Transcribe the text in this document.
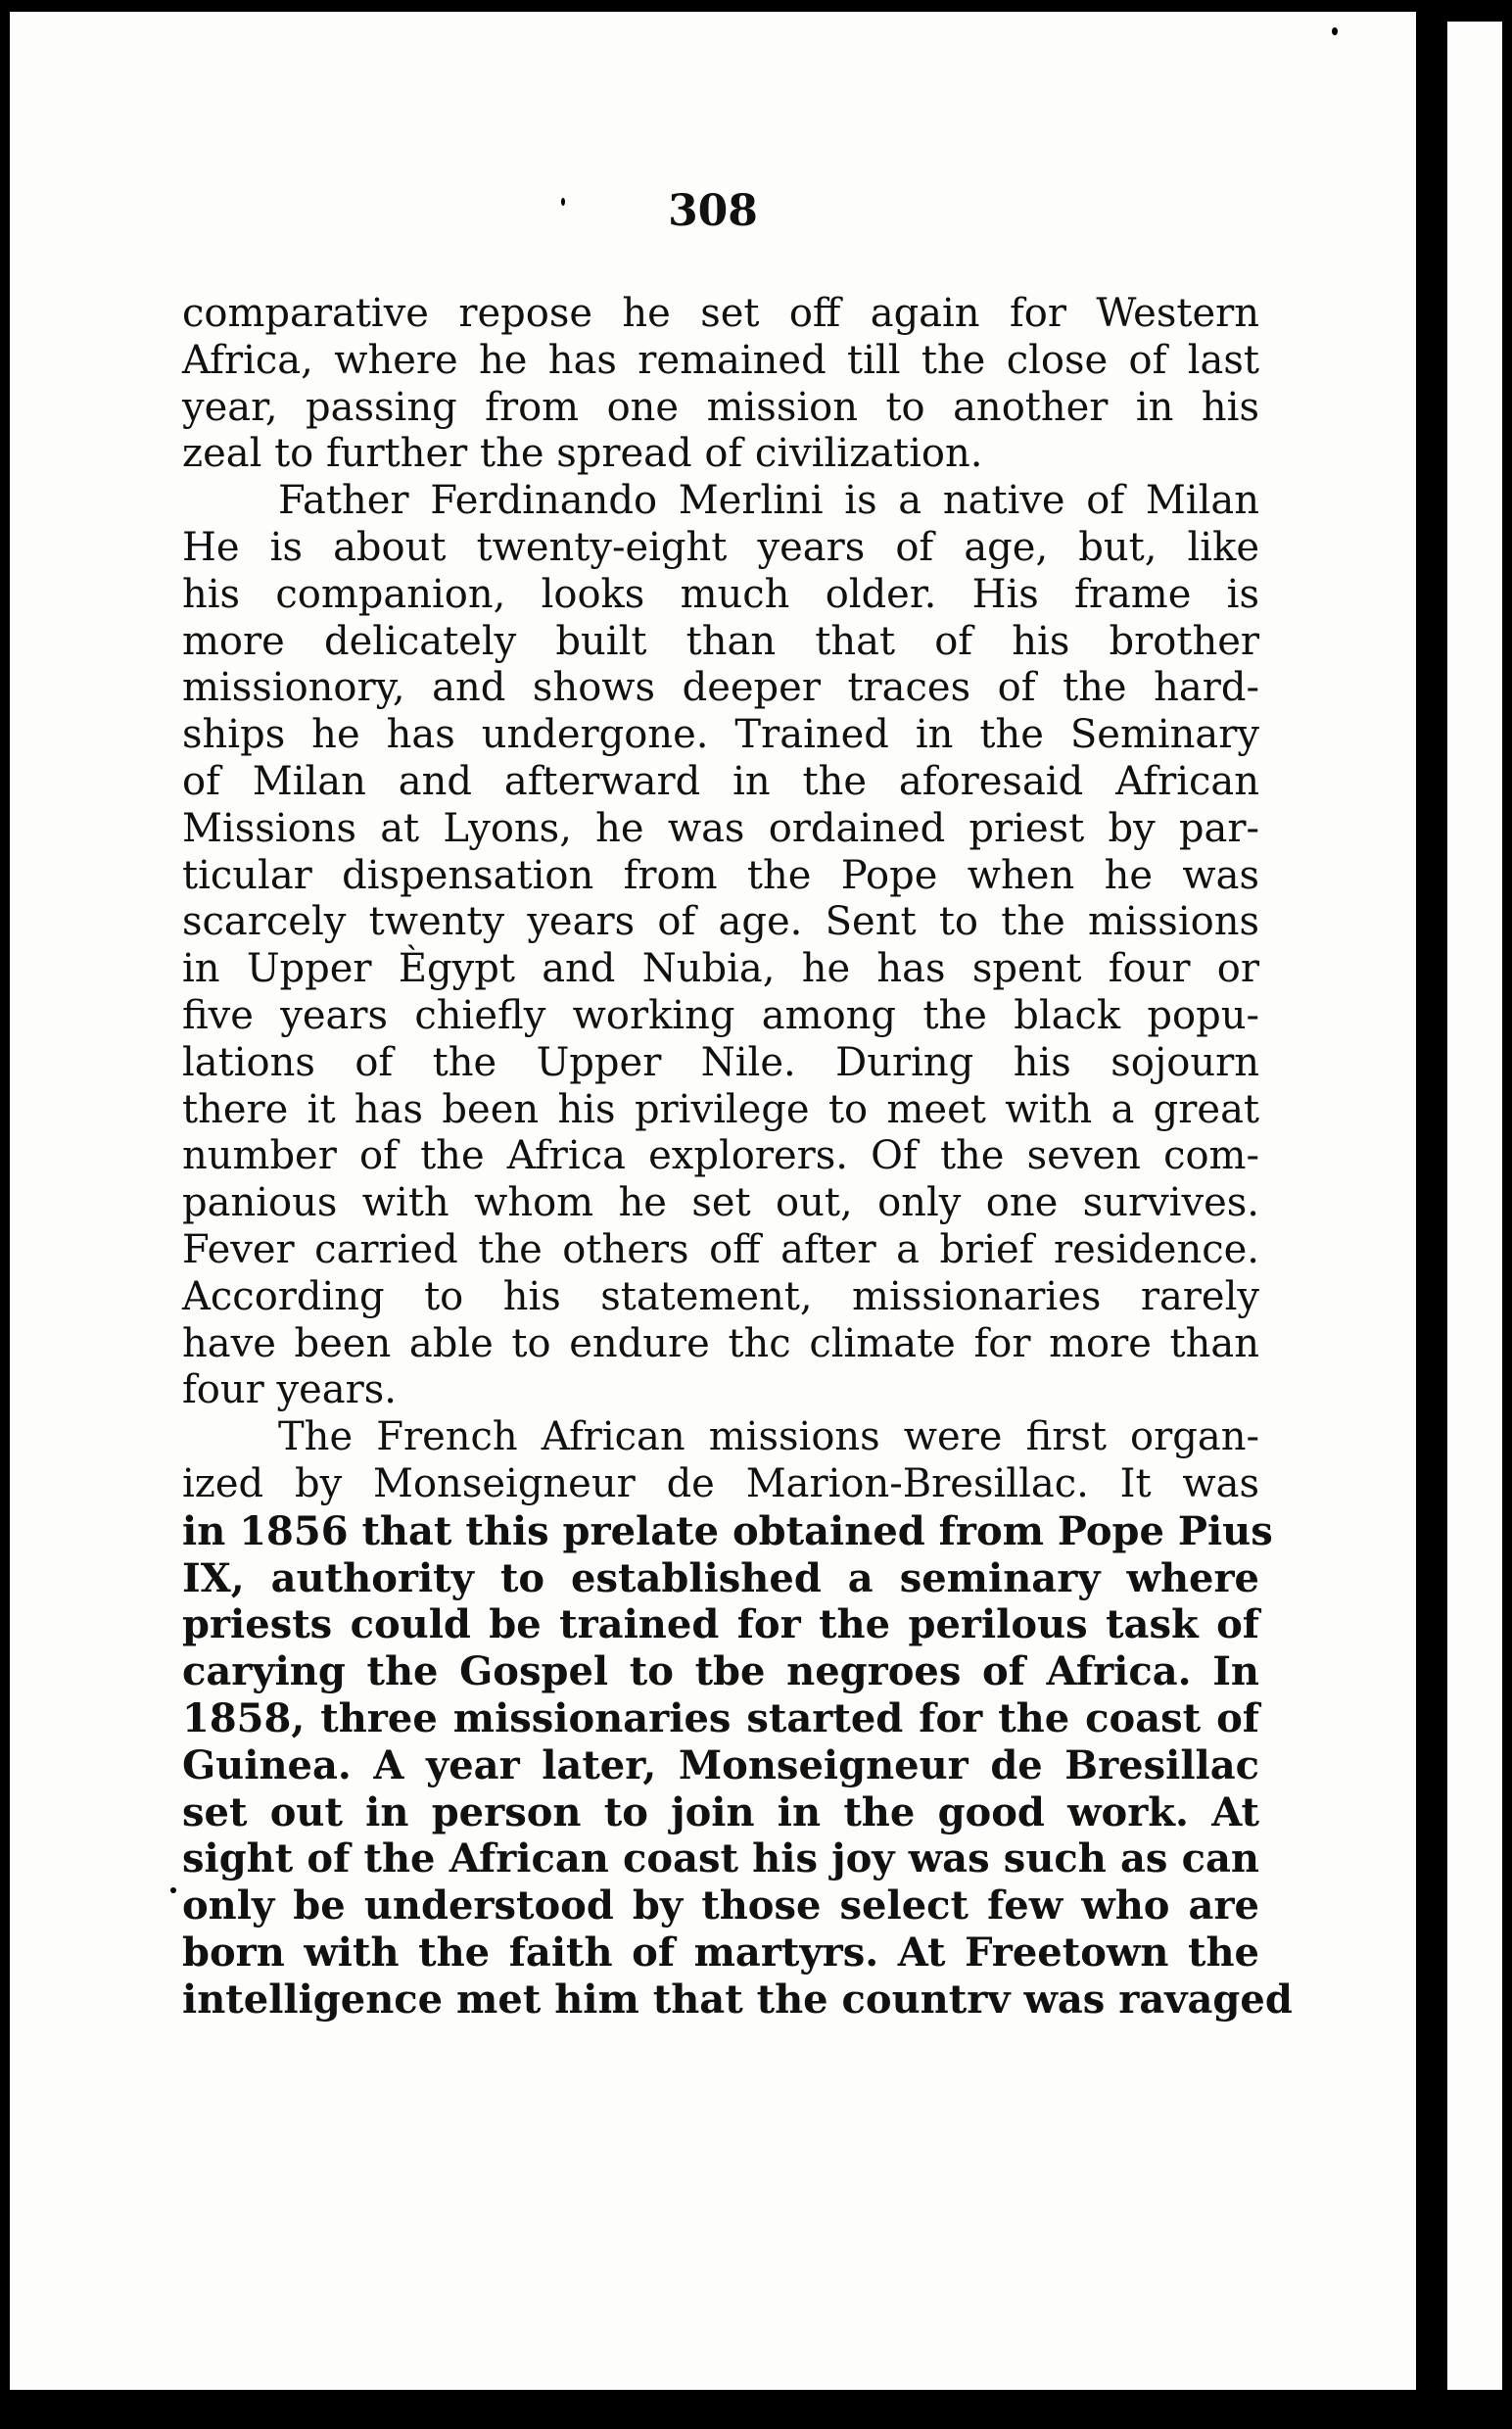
308

comparative repose he set off again for Western
Africa, where he has remained till the close of last
year, passing from one mission to another in his
zeal to further the spread of civilization.
Father Ferdinando Merlini is a native of Milan
He is about twenty-eight years of age, but, like
his companion, looks much older. His frame is
more delicately built than that of his brother
missionory, and shows deeper traces of the hard-
ships he has undergone. Trained in the Seminary
of Milan and afterward in the aforesaid African
Missions at Lyons, he was ordained priest by par-
ticular dispensation from the Pope when he was
scarcely twenty years of age. Sent to the missions
in Upper Ègypt and Nubia, he has spent four or
five years chiefly working among the black popu-
lations of the Upper Nile. During his sojourn
there it has been his privilege to meet with a great
number of the Africa explorers. Of the seven com-
panious with whom he set out, only one survives.
Fever carried the others off after a brief residence.
According to his statement, missionaries rarely
have been able to endure thc climate for more than
four years.
The French African missions were first organ-
ized by Monseigneur de Marion-Bresillac. It was
in 1856 that this prelate obtained from Pope Pius
IX, authority to established a seminary where
priests could be trained for the perilous task of
carying the Gospel to tbe negroes of Africa. In
1858, three missionaries started for the coast of
Guinea. A year later, Monseigneur de Bresillac
set out in person to join in the good work. At
sight of the African coast his joy was such as can
only be understood by those select few who are
born with the faith of martyrs. At Freetown the
intelligence met him that the countrv was ravaged
